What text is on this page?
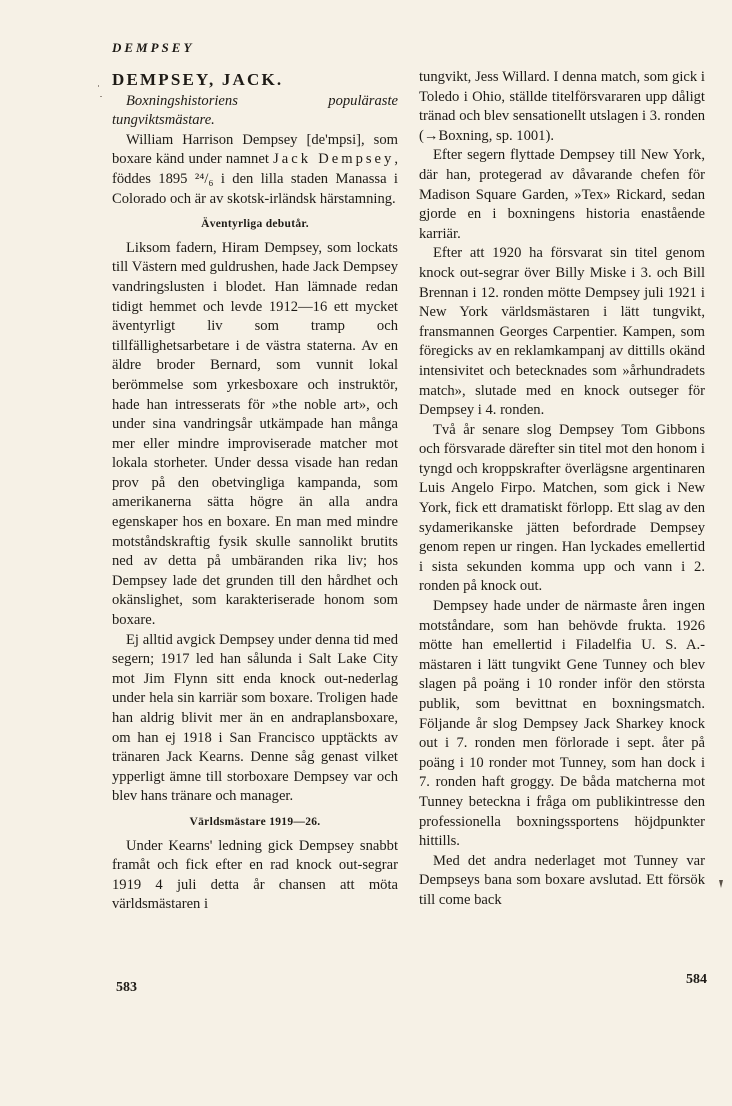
DEMPSEY
DEMPSEY, JACK.

Boxningshistoriens populäraste tungviktsmästare.

William Harrison Dempsey [de'mpsi], som boxare känd under namnet Jack Dempsey, föddes 1895 ²⁴/₆ i den lilla staden Manassa i Colorado och är av skotsk-irländsk härstamning.

Äventyrliga debutår.

Liksom fadern, Hiram Dempsey, som lockats till Västern med guldrushen, hade Jack Dempsey vandringslusten i blodet. Han lämnade redan tidigt hemmet och levde 1912—16 ett mycket äventyrligt liv som tramp och tillfällighetsarbetare i de västra staterna. Av en äldre broder Bernard, som vunnit lokal berömmelse som yrkesboxare och instruktör, hade han intresserats för »the noble art», och under sina vandringsår utkämpade han många mer eller mindre improviserade matcher mot lokala storheter. Under dessa visade han redan prov på den obetvingliga kampanda, som amerikanerna sätta högre än alla andra egenskaper hos en boxare. En man med mindre motståndskraftig fysik skulle sannolikt brutits ned av detta på umbäranden rika liv; hos Dempsey lade det grunden till den hårdhet och okänslighet, som karakteriserade honom som boxare.

Ej alltid avgick Dempsey under denna tid med segern; 1917 led han sålunda i Salt Lake City mot Jim Flynn sitt enda knock out-nederlag under hela sin karriär som boxare. Troligen hade han aldrig blivit mer än en andraplansboxare, om han ej 1918 i San Francisco upptäckts av tränaren Jack Kearns. Denne såg genast vilket ypperligt ämne till storboxare Dempsey var och blev hans tränare och manager.

Världsmästare 1919—26.

Under Kearns' ledning gick Dempsey snabbt framåt och fick efter en rad knock out-segrar 1919 4 juli detta år chansen att möta världsmästaren i

tungvikt, Jess Willard. I denna match, som gick i Toledo i Ohio, ställde titelförsvararen upp dåligt tränad och blev sensationellt utslagen i 3. ronden (→Boxning, sp. 1001).

Efter segern flyttade Dempsey till New York, där han, protegerad av dåvarande chefen för Madison Square Garden, »Tex» Rickard, sedan gjorde en i boxningens historia enastående karriär.

Efter att 1920 ha försvarat sin titel genom knock out-segrar över Billy Miske i 3. och Bill Brennan i 12. ronden mötte Dempsey juli 1921 i New York världsmästaren i lätt tungvikt, fransmannen Georges Carpentier. Kampen, som föregicks av en reklamkampanj av dittills okänd intensivitet och betecknades som »århundradets match», slutade med en knock outseger för Dempsey i 4. ronden.

Två år senare slog Dempsey Tom Gibbons och försvarade därefter sin titel mot den honom i tyngd och kroppskrafter överlägsne argentinaren Luis Angelo Firpo. Matchen, som gick i New York, fick ett dramatiskt förlopp. Ett slag av den sydamerikanske jätten befordrade Dempsey genom repen ur ringen. Han lyckades emellertid i sista sekunden komma upp och vann i 2. ronden på knock out.

Dempsey hade under de närmaste åren ingen motståndare, som han behövde frukta. 1926 mötte han emellertid i Filadelfia U. S. A.-mästaren i lätt tungvikt Gene Tunney och blev slagen på poäng i 10 ronder inför den största publik, som bevittnat en boxningsmatch. Följande år slog Dempsey Jack Sharkey knock out i 7. ronden men förlorade i sept. åter på poäng i 10 ronder mot Tunney, som han dock i 7. ronden haft groggy. De båda matcherna mot Tunney beteckna i fråga om publikintresse den professionella boxningssportens höjdpunkter hittills.

Med det andra nederlaget mot Tunney var Dempseys bana som boxare avslutad. Ett försök till come back

583
584
